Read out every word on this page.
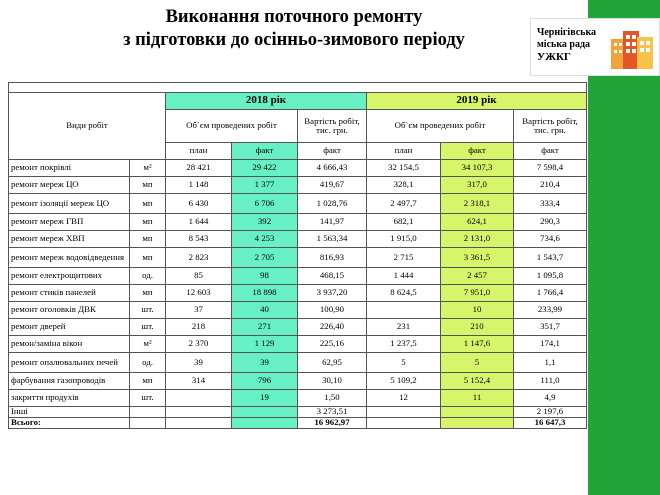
Виконання поточного ремонту
з підготовки до осінньо-зимового періоду	Чернігівська
міська рада
УЖКГ

Види робіт		2018 рік			2019 рік		
		Об`єм проведених робіт		Вартість робіт, тис. грн.	Об`єм проведених робіт		Вартість робіт, тис. грн.
		план	факт	факт	план	факт	факт
ремонт покрівлі	м²	28 421	29 422	4 666,43	32 154,5	34 107,3	7 598,4
ремонт мереж ЦО	мп	1 148	1 377	419,67	328,1	317,0	210,4
ремонт ізоляції мереж ЦО	мп	6 430	6 706	1 028,76	2 497,7	2 318,1	333,4
ремонт мереж ГВП	мп	1 644	392	141,97	682,1	624,1	290,3
ремонт мереж ХВП	мп	8 543	4 253	1 563,34	1 915,0	2 131,0	734,6
ремонт мереж водовідведення	мп	2 823	2 705	816,93	2 715	3 361,5	1 543,7
ремонт електрощитових	од.	85	98	468,15	1 444	2 457	1 095,8
ремонт стиків панелей	мп	12 603	18 898	3 937,20	8 624,5	7 951,0	1 766,4
ремонт оголовків ДВК	шт.	37	40	100,90		10	233,99
ремонт дверей	шт.	218	271	226,40	231	210	351,7
ремон/заміна вікон	м²	2 370	1 129	225,16	1 237,5	1 147,6	174,1
ремонт опалювальних печей	од.	39	39	62,95	5	5	1,1
фарбування газопроводів	мп	314	796	30,10	5 109,2	5 152,4	111,0
закриття продухів	шт.		19	1,50	12	11	4,9
Інші				3 273,51			2 197,6
Всього:				16 962,97			16 647,3
